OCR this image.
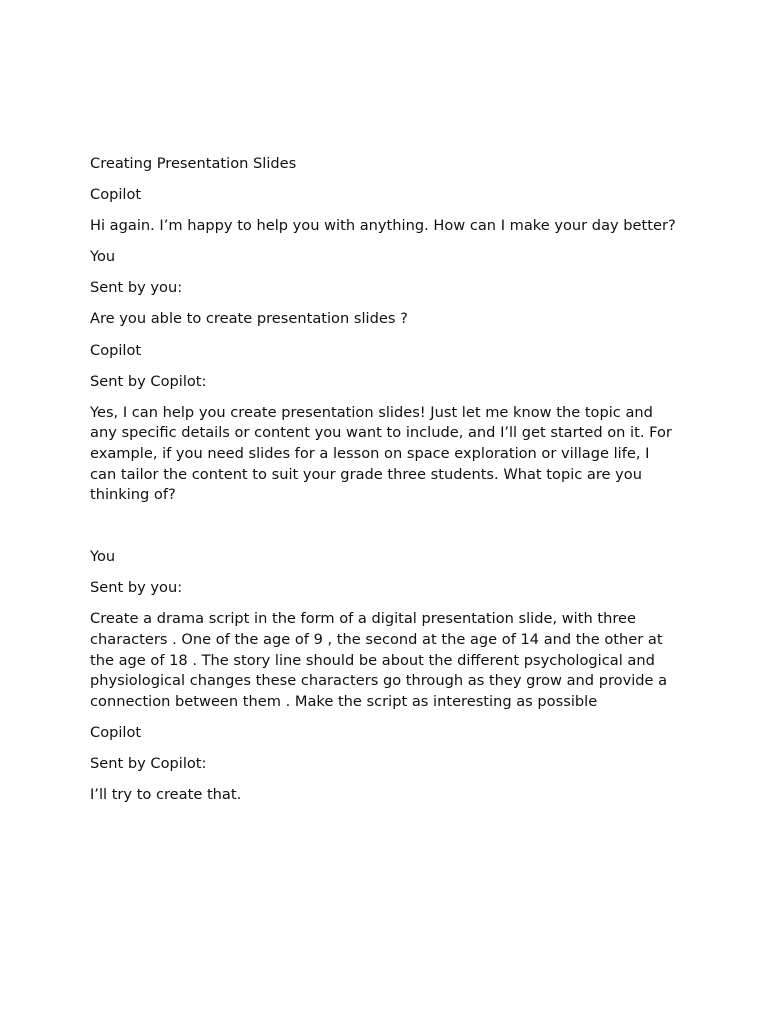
Creating Presentation Slides
Copilot
Hi again. I’m happy to help you with anything. How can I make your day better?
You
Sent by you:
Are you able to create presentation slides ?
Copilot
Sent by Copilot:
Yes, I can help you create presentation slides! Just let me know the topic and any specific details or content you want to include, and I’ll get started on it. For example, if you need slides for a lesson on space exploration or village life, I can tailor the content to suit your grade three students. What topic are you thinking of?
You
Sent by you:
Create a drama script in the form of a digital presentation slide, with three characters . One of the age of 9 , the second at the age of 14 and the other at the age of 18 . The story line should be about the different psychological and physiological changes these characters go through as they grow and provide a connection between them . Make the script as interesting as possible
Copilot
Sent by Copilot:
I’ll try to create that.
